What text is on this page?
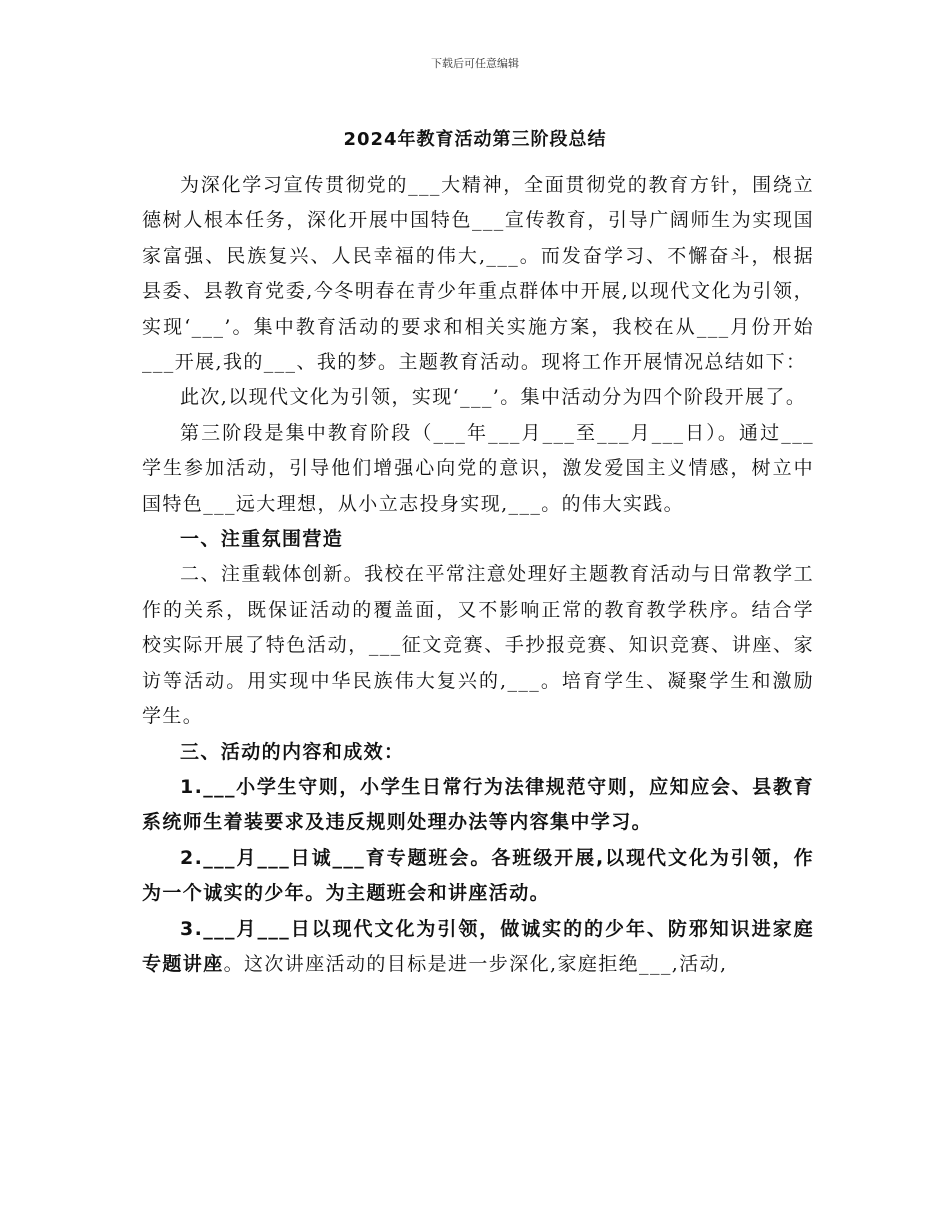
下载后可任意编辑
2024年教育活动第三阶段总结

为深化学习宣传贯彻党的___大精神，全面贯彻党的教育方针，围绕立德树人根本任务，深化开展中国特色___宣传教育，引导广阔师生为实现国家富强、民族复兴、人民幸福的伟大,___。而发奋学习、不懈奋斗，根据县委、县教育党委,今冬明春在青少年重点群体中开展,以现代文化为引领，实现‘___’。集中教育活动的要求和相关实施方案，我校在从___月份开始___开展,我的___、我的梦。主题教育活动。现将工作开展情况总结如下：

此次,以现代文化为引领，实现‘___’。集中活动分为四个阶段开展了。

第三阶段是集中教育阶段（___年___月___至___月___日）。通过___学生参加活动，引导他们增强心向党的意识，激发爱国主义情感，树立中国特色___远大理想，从小立志投身实现,___。的伟大实践。

一、注重氛围营造

二、注重载体创新。我校在平常注意处理好主题教育活动与日常教学工作的关系，既保证活动的覆盖面，又不影响正常的教育教学秩序。结合学校实际开展了特色活动，___征文竞赛、手抄报竞赛、知识竞赛、讲座、家访等活动。用实现中华民族伟大复兴的,___。培育学生、凝聚学生和激励学生。

三、活动的内容和成效：

1.___小学生守则，小学生日常行为法律规范守则，应知应会、县教育系统师生着装要求及违反规则处理办法等内容集中学习。

2.___月___日诚___育专题班会。各班级开展,以现代文化为引领，作为一个诚实的少年。为主题班会和讲座活动。

3.___月___日以现代文化为引领，做诚实的的少年、防邪知识进家庭专题讲座。这次讲座活动的目标是进一步深化,家庭拒绝___,活动,
